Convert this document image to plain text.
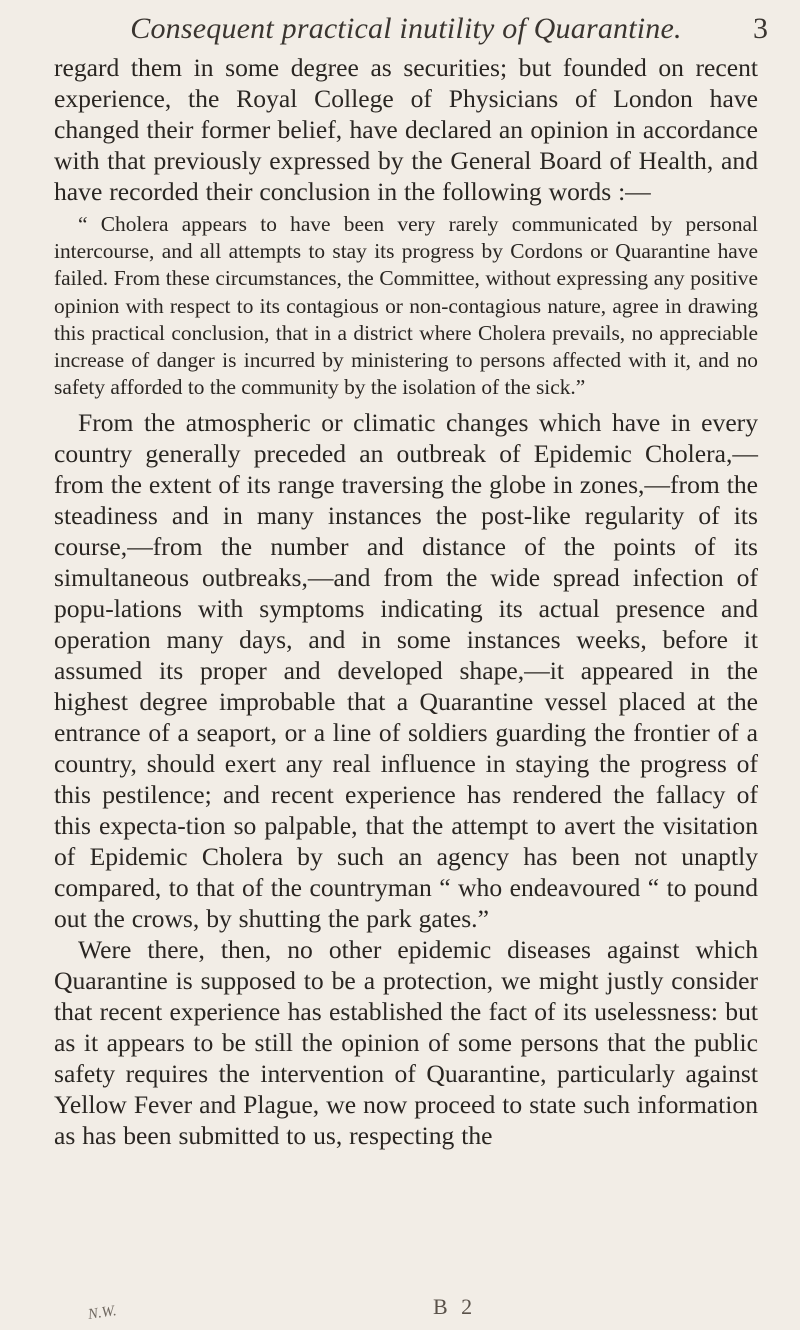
Consequent practical inutility of Quarantine. 3

regard them in some degree as securities; but founded on recent experience, the Royal College of Physicians of London have changed their former belief, have declared an opinion in accordance with that previously expressed by the General Board of Health, and have recorded their conclusion in the following words :—

“ Cholera appears to have been very rarely communicated by personal intercourse, and all attempts to stay its progress by Cordons or Quarantine have failed. From these circumstances, the Committee, without expressing any positive opinion with respect to its contagious or non-contagious nature, agree in drawing this practical conclusion, that in a district where Cholera prevails, no appreciable increase of danger is incurred by ministering to persons affected with it, and no safety afforded to the community by the isolation of the sick.”

From the atmospheric or climatic changes which have in every country generally preceded an outbreak of Epidemic Cholera,—from the extent of its range traversing the globe in zones,—from the steadiness and in many instances the post-like regularity of its course,—from the number and distance of the points of its simultaneous outbreaks,—and from the wide spread infection of popu-lations with symptoms indicating its actual presence and operation many days, and in some instances weeks, before it assumed its proper and developed shape,—it appeared in the highest degree improbable that a Quarantine vessel placed at the entrance of a seaport, or a line of soldiers guarding the frontier of a country, should exert any real influence in staying the progress of this pestilence; and recent experience has rendered the fallacy of this expecta-tion so palpable, that the attempt to avert the visitation of Epidemic Cholera by such an agency has been not unaptly compared, to that of the countryman “ who endeavoured “ to pound out the crows, by shutting the park gates.”

Were there, then, no other epidemic diseases against which Quarantine is supposed to be a protection, we might justly consider that recent experience has established the fact of its uselessness: but as it appears to be still the opinion of some persons that the public safety requires the intervention of Quarantine, particularly against Yellow Fever and Plague, we now proceed to state such information as has been submitted to us, respecting the

N.W.	B 2
